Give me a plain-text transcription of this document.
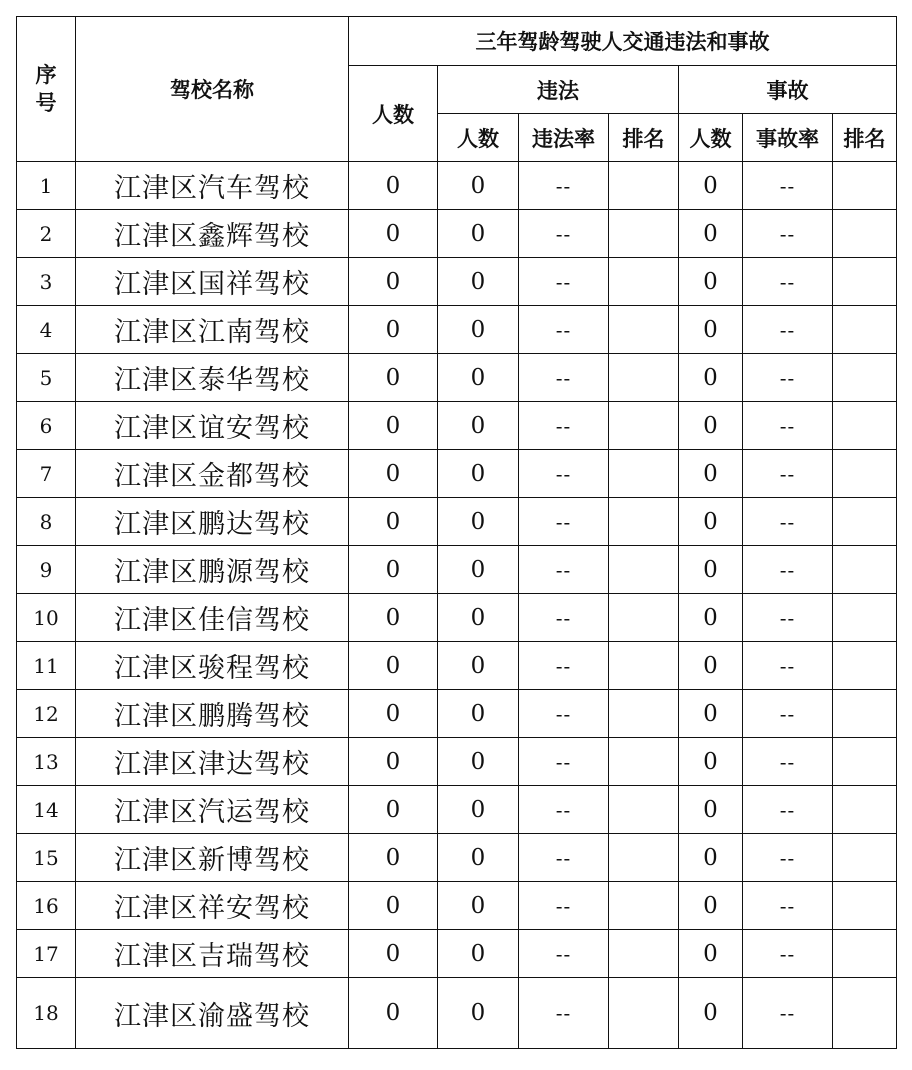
序
号	驾校名称	三年驾龄驾驶人交通违法和事故						
		人数	违法			事故		
			人数	违法率	排名	人数	事故率	排名
1	江津区汽车驾校	0	0	--		0	--	
2	江津区鑫辉驾校	0	0	--		0	--	
3	江津区国祥驾校	0	0	--		0	--	
4	江津区江南驾校	0	0	--		0	--	
5	江津区泰华驾校	0	0	--		0	--	
6	江津区谊安驾校	0	0	--		0	--	
7	江津区金都驾校	0	0	--		0	--	
8	江津区鹏达驾校	0	0	--		0	--	
9	江津区鹏源驾校	0	0	--		0	--	
10	江津区佳信驾校	0	0	--		0	--	
11	江津区骏程驾校	0	0	--		0	--	
12	江津区鹏腾驾校	0	0	--		0	--	
13	江津区津达驾校	0	0	--		0	--	
14	江津区汽运驾校	0	0	--		0	--	
15	江津区新博驾校	0	0	--		0	--	
16	江津区祥安驾校	0	0	--		0	--	
17	江津区吉瑞驾校	0	0	--		0	--	
18	江津区渝盛驾校	0	0	--		0	--	
